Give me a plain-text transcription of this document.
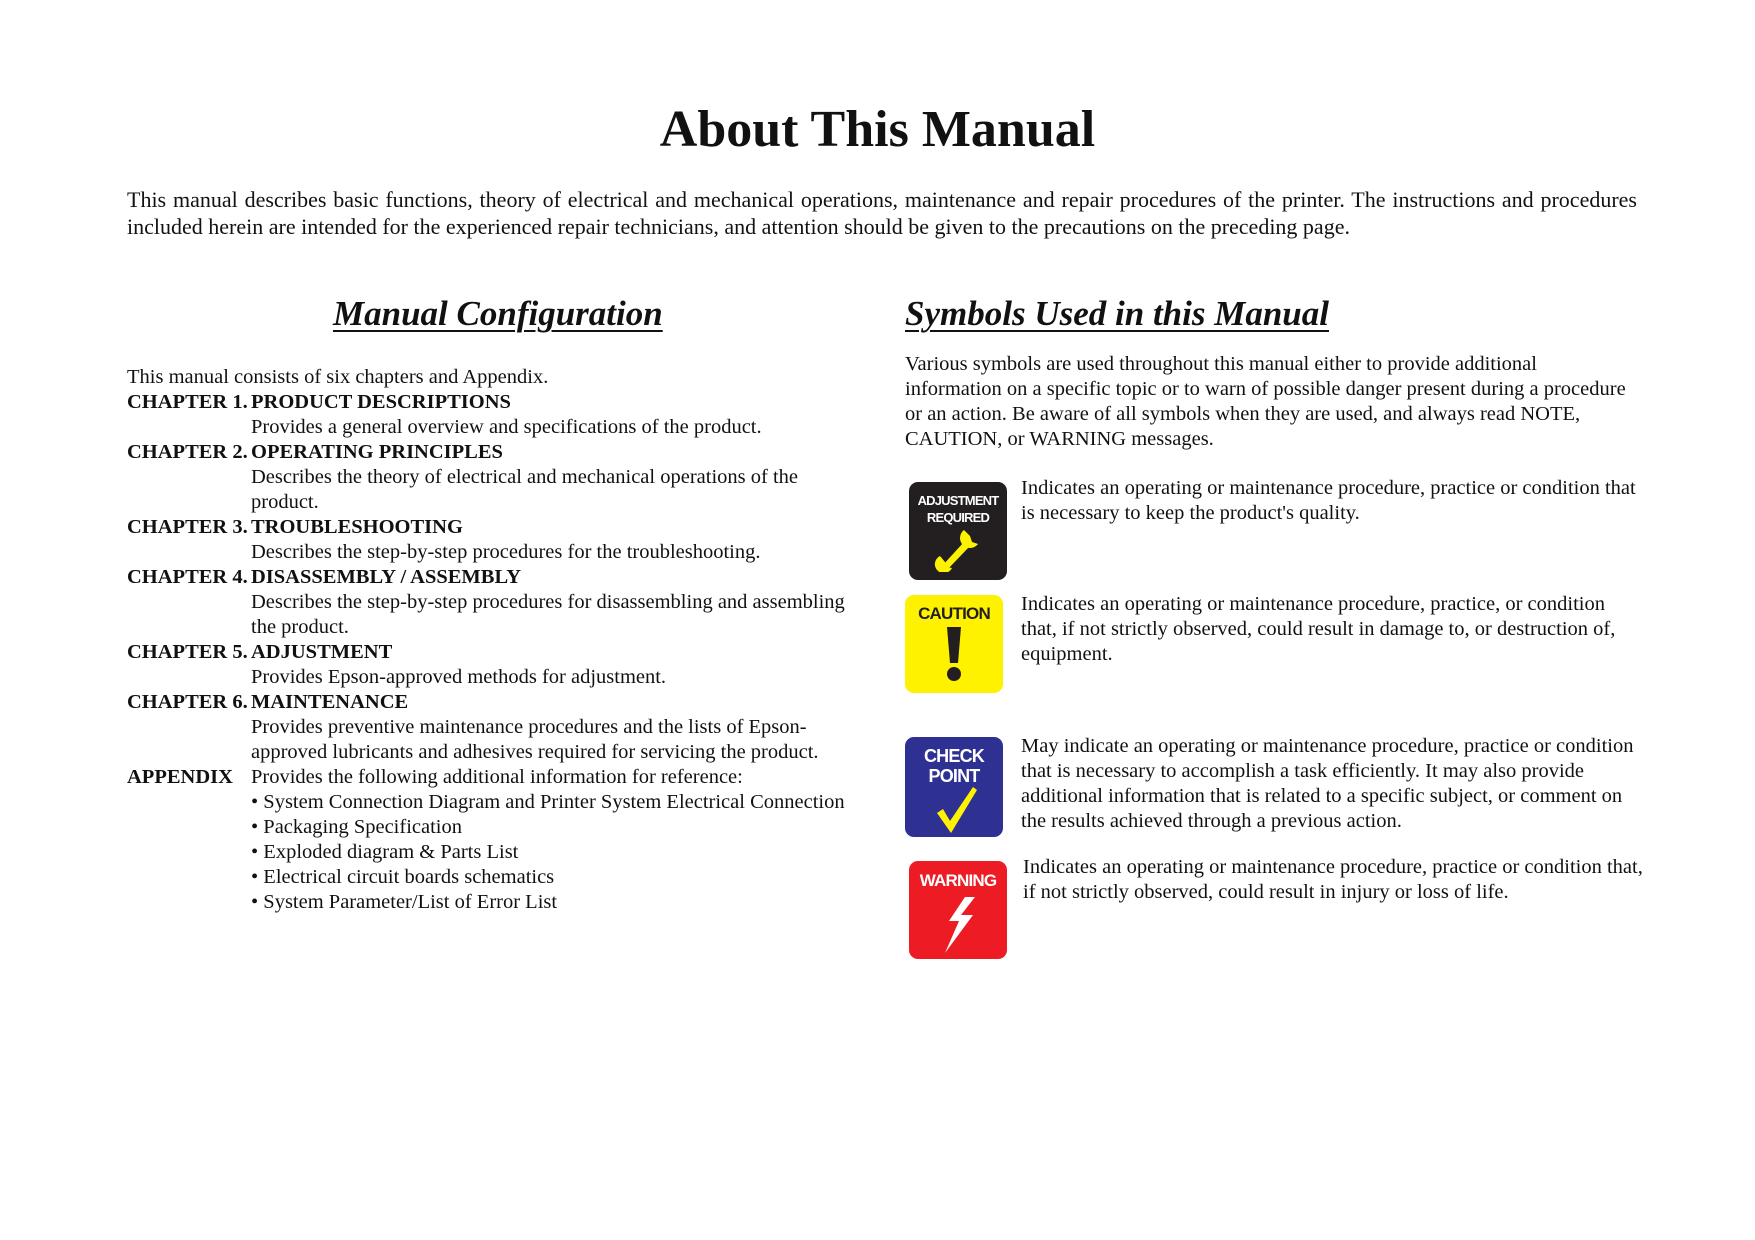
About This Manual
This manual describes basic functions, theory of electrical and mechanical operations, maintenance and repair procedures of the printer. The instructions and procedures included herein are intended for the experienced repair technicians, and attention should be given to the precautions on the preceding page.
Manual Configuration	Symbols Used in this Manual
This manual consists of six chapters and Appendix.
CHAPTER 1. PRODUCT DESCRIPTIONS
Provides a general overview and specifications of the product.
CHAPTER 2. OPERATING PRINCIPLES
Describes the theory of electrical and mechanical operations of the product.
CHAPTER 3. TROUBLESHOOTING
Describes the step-by-step procedures for the troubleshooting.
CHAPTER 4. DISASSEMBLY / ASSEMBLY
Describes the step-by-step procedures for disassembling and assembling the product.
CHAPTER 5. ADJUSTMENT
Provides Epson-approved methods for adjustment.
CHAPTER 6. MAINTENANCE
Provides preventive maintenance procedures and the lists of Epson-approved lubricants and adhesives required for servicing the product.
APPENDIX Provides the following additional information for reference:
• System Connection Diagram and Printer System Electrical Connection
• Packaging Specification
• Exploded diagram & Parts List
• Electrical circuit boards schematics
• System Parameter/List of Error List
Various symbols are used throughout this manual either to provide additional information on a specific topic or to warn of possible danger present during a procedure or an action. Be aware of all symbols when they are used, and always read NOTE, CAUTION, or WARNING messages.
ADJUSTMENT
REQUIRED
Indicates an operating or maintenance procedure, practice or condition that is necessary to keep the product's quality.
CAUTION	Indicates an operating or maintenance procedure, practice, or condition that, if not strictly observed, could result in damage to, or destruction of, equipment.
CHECK
POINT
May indicate an operating or maintenance procedure, practice or condition that is necessary to accomplish a task efficiently. It may also provide additional information that is related to a specific subject, or comment on the results achieved through a previous action.
WARNING
Indicates an operating or maintenance procedure, practice or condition that, if not strictly observed, could result in injury or loss of life.
